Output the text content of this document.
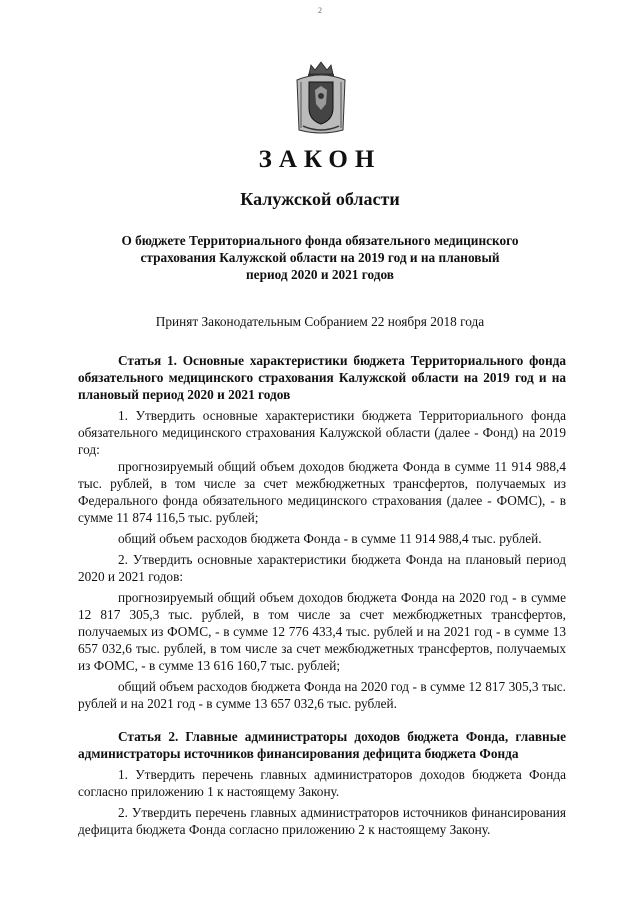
2
ЗАКОН
Калужской области
О бюджете Территориального фонда обязательного медицинского страхования Калужской области на 2019 год и на плановый период 2020 и 2021 годов
Принят Законодательным Собранием 22 ноября 2018 года

Статья 1. Основные характеристики бюджета Территориального фонда обязательного медицинского страхования Калужской области на 2019 год и на плановый период 2020 и 2021 годов

1. Утвердить основные характеристики бюджета Территориального фонда обязательного медицинского страхования Калужской области (далее - Фонд) на 2019 год:

прогнозируемый общий объем доходов бюджета Фонда в сумме 11 914 988,4 тыс. рублей, в том числе за счет межбюджетных трансфертов, получаемых из Федерального фонда обязательного медицинского страхования (далее - ФОМС), - в сумме 11 874 116,5 тыс. рублей;

общий объем расходов бюджета Фонда - в сумме 11 914 988,4 тыс. рублей.

2. Утвердить основные характеристики бюджета Фонда на плановый период 2020 и 2021 годов:

прогнозируемый общий объем доходов бюджета Фонда на 2020 год - в сумме 12 817 305,3 тыс. рублей, в том числе за счет межбюджетных трансфертов, получаемых из ФОМС, - в сумме 12 776 433,4 тыс. рублей и на 2021 год - в сумме 13 657 032,6 тыс. рублей, в том числе за счет межбюджетных трансфертов, получаемых из ФОМС, - в сумме 13 616 160,7 тыс. рублей;

общий объем расходов бюджета Фонда на 2020 год - в сумме 12 817 305,3 тыс. рублей и на 2021 год - в сумме 13 657 032,6 тыс. рублей.

Статья 2. Главные администраторы доходов бюджета Фонда, главные администраторы источников финансирования дефицита бюджета Фонда

1. Утвердить перечень главных администраторов доходов бюджета Фонда согласно приложению 1 к настоящему Закону.

2. Утвердить перечень главных администраторов источников финансирования дефицита бюджета Фонда согласно приложению 2 к настоящему Закону.
